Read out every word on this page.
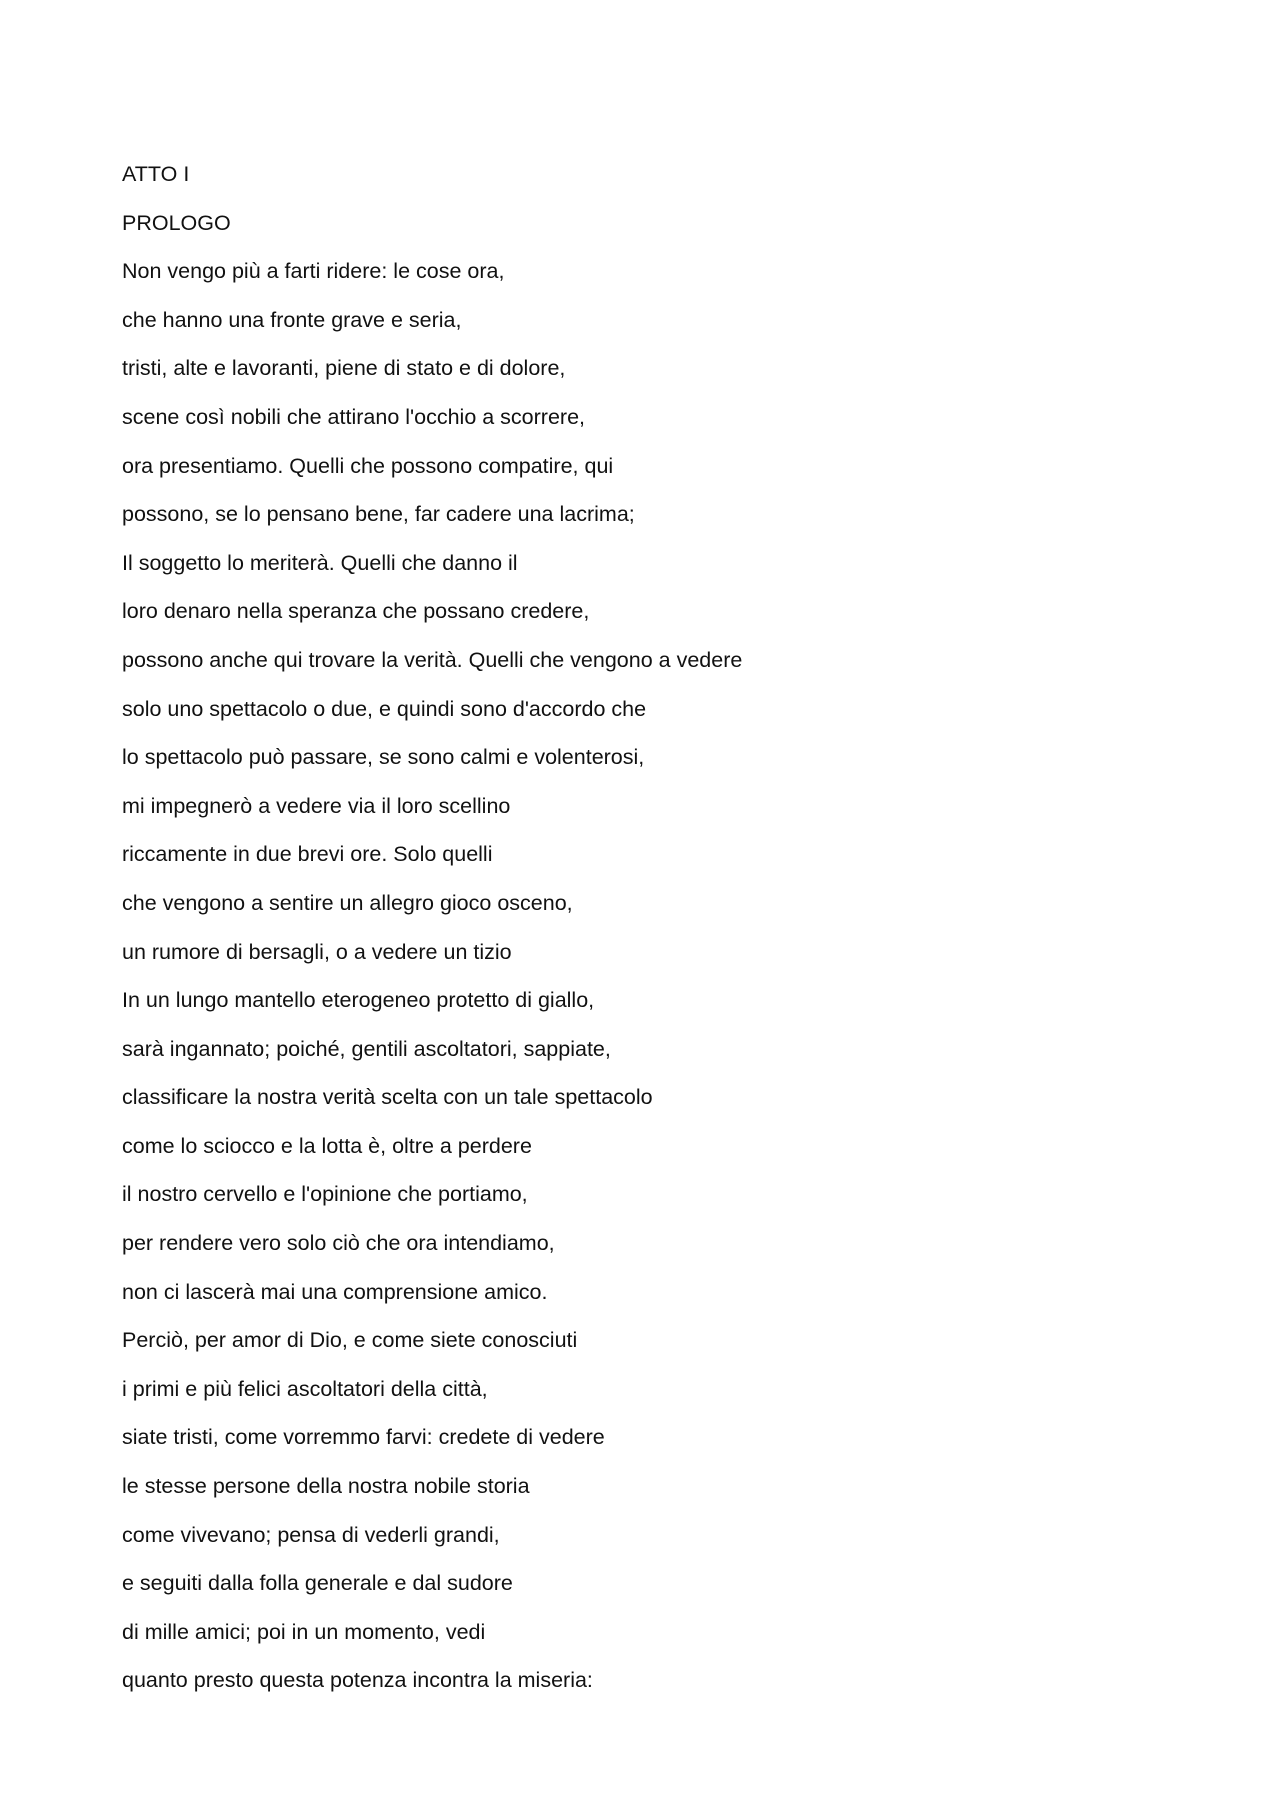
ATTO I
PROLOGO
Non vengo più a farti ridere: le cose ora,
che hanno una fronte grave e seria,
tristi, alte e lavoranti, piene di stato e di dolore,
scene così nobili che attirano l'occhio a scorrere,
ora presentiamo. Quelli che possono compatire, qui
possono, se lo pensano bene, far cadere una lacrima;
Il soggetto lo meriterà. Quelli che danno il
loro denaro nella speranza che possano credere,
possono anche qui trovare la verità. Quelli che vengono a vedere
solo uno spettacolo o due, e quindi sono d'accordo che
lo spettacolo può passare, se sono calmi e volenterosi,
mi impegnerò a vedere via il loro scellino
riccamente in due brevi ore. Solo quelli
che vengono a sentire un allegro gioco osceno,
un rumore di bersagli, o a vedere un tizio
In un lungo mantello eterogeneo protetto di giallo,
sarà ingannato; poiché, gentili ascoltatori, sappiate,
classificare la nostra verità scelta con un tale spettacolo
come lo sciocco e la lotta è, oltre a perdere
il nostro cervello e l'opinione che portiamo,
per rendere vero solo ciò che ora intendiamo,
non ci lascerà mai una comprensione amico.
Perciò, per amor di Dio, e come siete conosciuti
i primi e più felici ascoltatori della città,
siate tristi, come vorremmo farvi: credete di vedere
le stesse persone della nostra nobile storia
come vivevano; pensa di vederli grandi,
e seguiti dalla folla generale e dal sudore
di mille amici; poi in un momento, vedi
quanto presto questa potenza incontra la miseria:
